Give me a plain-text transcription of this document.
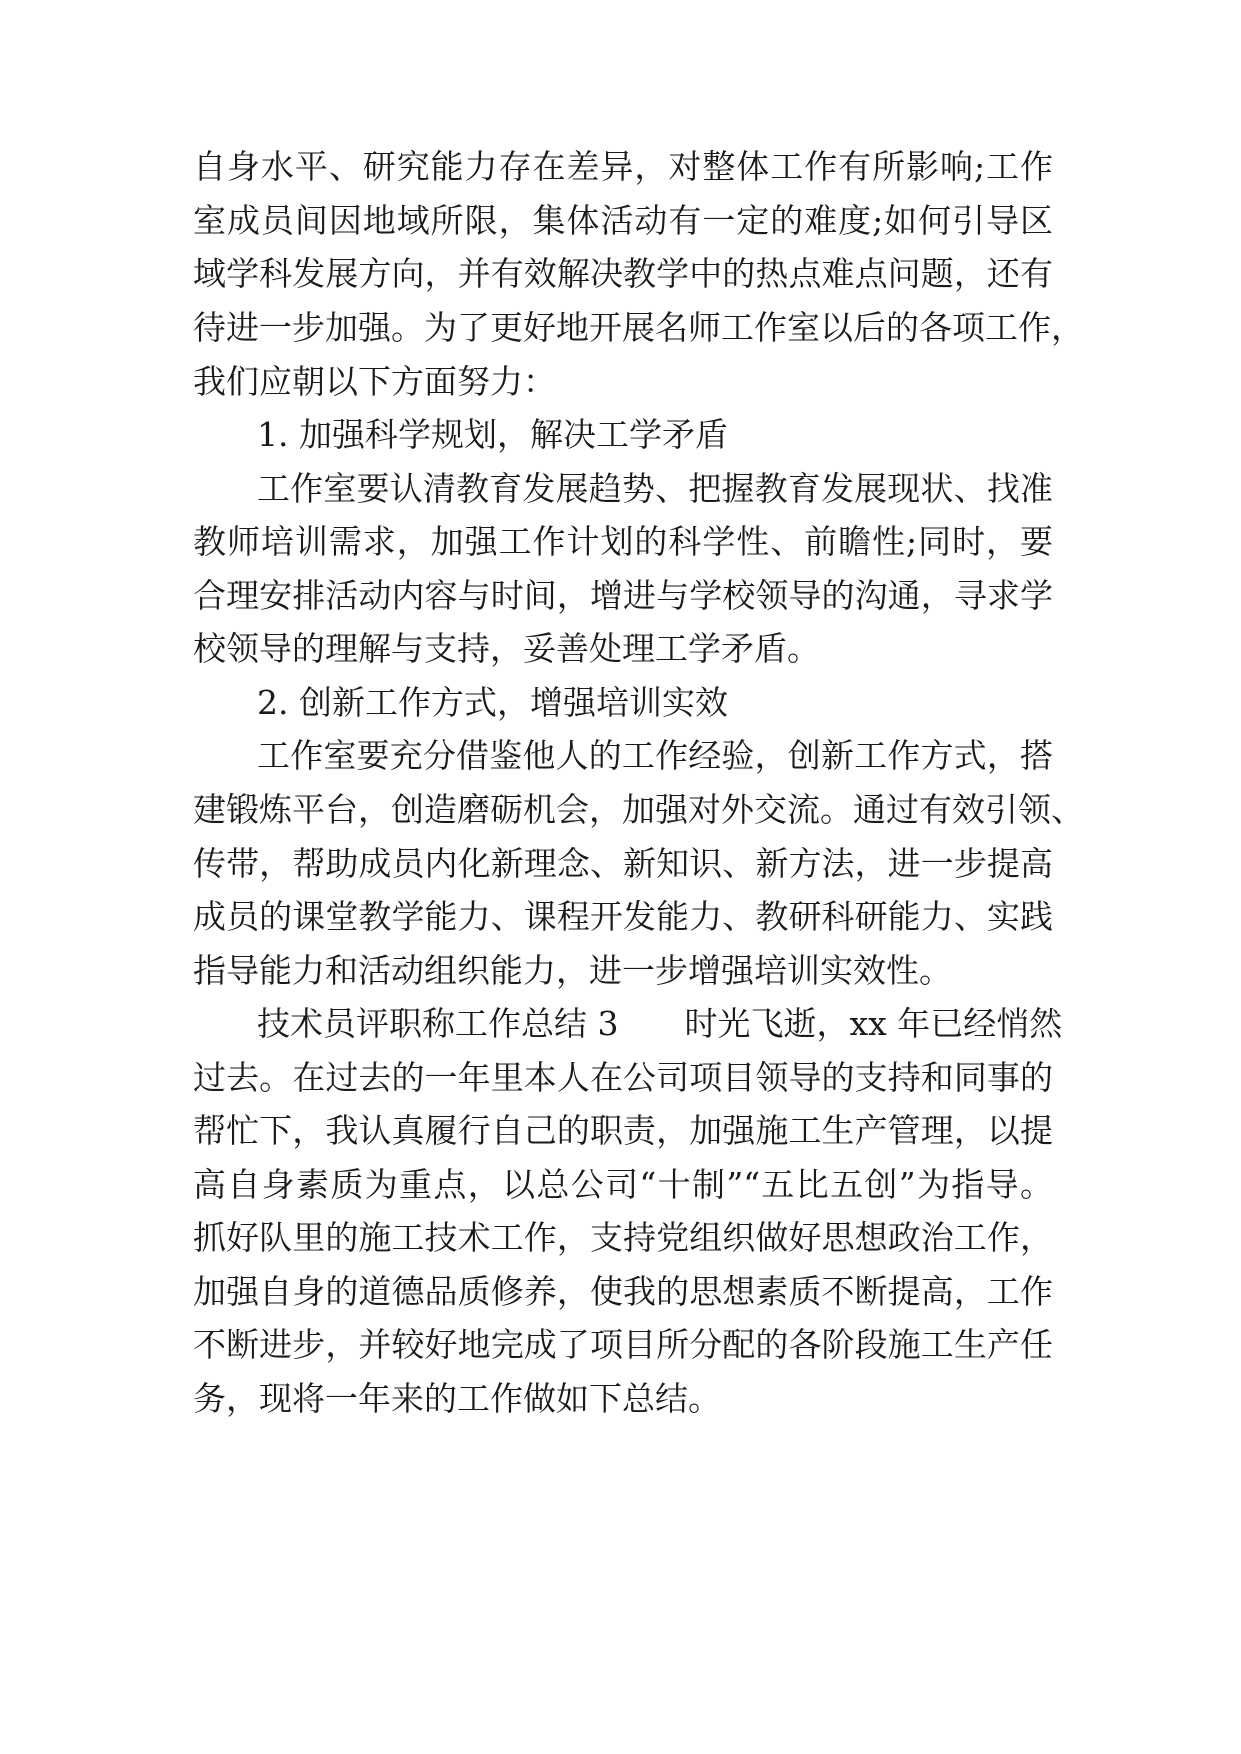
自身水平、研究能力存在差异，对整体工作有所影响;工作
室成员间因地域所限，集体活动有一定的难度;如何引导区
域学科发展方向，并有效解决教学中的热点难点问题，还有
待进一步加强。为了更好地开展名师工作室以后的各项工作，
我们应朝以下方面努力：
1. 加强科学规划，解决工学矛盾
工作室要认清教育发展趋势、把握教育发展现状、找准
教师培训需求，加强工作计划的科学性、前瞻性;同时，要
合理安排活动内容与时间，增进与学校领导的沟通，寻求学
校领导的理解与支持，妥善处理工学矛盾。
2. 创新工作方式，增强培训实效
工作室要充分借鉴他人的工作经验，创新工作方式，搭
建锻炼平台，创造磨砺机会，加强对外交流。通过有效引领、
传带，帮助成员内化新理念、新知识、新方法，进一步提高
成员的课堂教学能力、课程开发能力、教研科研能力、实践
指导能力和活动组织能力，进一步增强培训实效性。
技术员评职称工作总结 3　　时光飞逝，xx 年已经悄然
过去。在过去的一年里本人在公司项目领导的支持和同事的
帮忙下，我认真履行自己的职责，加强施工生产管理，以提
高自身素质为重点，以总公司“十制”“五比五创”为指导。
抓好队里的施工技术工作，支持党组织做好思想政治工作，
加强自身的道德品质修养，使我的思想素质不断提高，工作
不断进步，并较好地完成了项目所分配的各阶段施工生产任
务，现将一年来的工作做如下总结。
